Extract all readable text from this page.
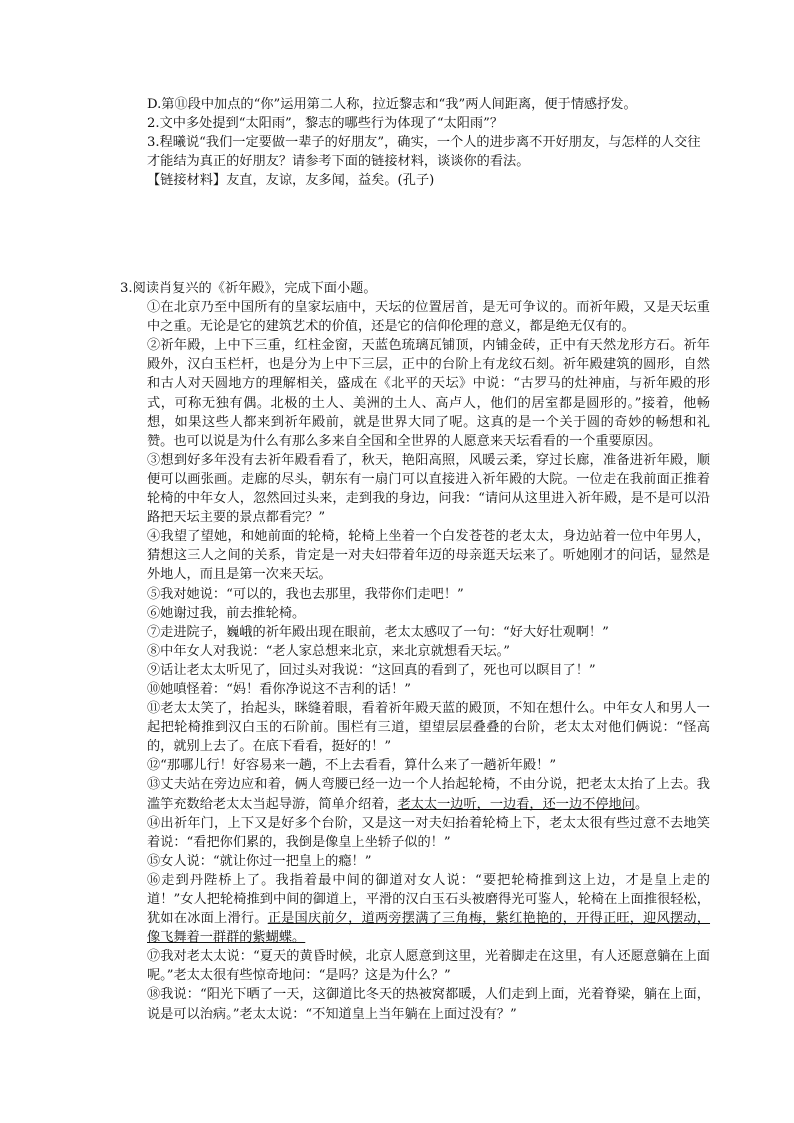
D.第⑪段中加点的“你”运用第二人称，拉近黎志和“我”两人间距离，便于情感抒发。

2.文中多处提到“太阳雨”，黎志的哪些行为体现了“太阳雨”？

3.程曦说“我们一定要做一辈子的好朋友”，确实，一个人的进步离不开好朋友，与怎样的人交往才能结为真正的好朋友？请参考下面的链接材料，谈谈你的看法。

【链接材料】友直，友谅，友多闻，益矣。(孔子)

3.阅读肖复兴的《祈年殿》，完成下面小题。

①在北京乃至中国所有的皇家坛庙中，天坛的位置居首，是无可争议的。而祈年殿，又是天坛重中之重。无论是它的建筑艺术的价值，还是它的信仰伦理的意义，都是绝无仅有的。

②祈年殿，上中下三重，红柱金窗，天蓝色琉璃瓦铺顶，内铺金砖，正中有天然龙形方石。祈年殿外，汉白玉栏杆，也是分为上中下三层，正中的台阶上有龙纹石刻。祈年殿建筑的圆形，自然和古人对天圆地方的理解相关，盛成在《北平的天坛》中说：“古罗马的灶神庙，与祈年殿的形式，可称无独有偶。北极的土人、美洲的土人、高卢人，他们的居室都是圆形的。”接着，他畅想，如果这些人都来到祈年殿前，就是世界大同了呢。这真的是一个关于圆的奇妙的畅想和礼赞。也可以说是为什么有那么多来自全国和全世界的人愿意来天坛看看的一个重要原因。

③想到好多年没有去祈年殿看看了，秋天，艳阳高照，风暖云柔，穿过长廊，准备进祈年殿，顺便可以画张画。走廊的尽头，朝东有一扇门可以直接进入祈年殿的大院。一位走在我前面正推着轮椅的中年女人，忽然回过头来，走到我的身边，问我：“请问从这里进入祈年殿，是不是可以沿路把天坛主要的景点都看完？”

④我望了望她，和她前面的轮椅，轮椅上坐着一个白发苍苍的老太太，身边站着一位中年男人，猜想这三人之间的关系，肯定是一对夫妇带着年迈的母亲逛天坛来了。听她刚才的问话，显然是外地人，而且是第一次来天坛。

⑤我对她说：“可以的，我也去那里，我带你们走吧！”

⑥她谢过我，前去推轮椅。

⑦走进院子，巍峨的祈年殿出现在眼前，老太太感叹了一句：“好大好壮观啊！”

⑧中年女人对我说：“老人家总想来北京，来北京就想看天坛。”

⑨话让老太太听见了，回过头对我说：“这回真的看到了，死也可以瞑目了！”

⑩她嗔怪着：“妈！看你净说这不吉利的话！”

⑪老太太笑了，抬起头，眯缝着眼，看着祈年殿天蓝的殿顶，不知在想什么。中年女人和男人一起把轮椅推到汉白玉的石阶前。围栏有三道，望望层层叠叠的台阶，老太太对他们俩说：“怪高的，就别上去了。在底下看看，挺好的！”

⑫“那哪儿行！好容易来一趟，不上去看看，算什么来了一趟祈年殿！”

⑬丈夫站在旁边应和着，俩人弯腰已经一边一个人抬起轮椅，不由分说，把老太太抬了上去。我滥竽充数给老太太当起导游，简单介绍着，老太太一边听，一边看，还一边不停地问。

⑭出祈年门，上下又是好多个台阶，又是这一对夫妇抬着轮椅上下，老太太很有些过意不去地笑着说：“看把你们累的，我倒是像皇上坐轿子似的！”

⑮女人说：“就让你过一把皇上的瘾！”

⑯走到丹陛桥上了。我指着最中间的御道对女人说：“要把轮椅推到这上边，才是皇上走的道！”女人把轮椅推到中间的御道上，平滑的汉白玉石头被磨得光可鉴人，轮椅在上面推很轻松，犹如在冰面上滑行。正是国庆前夕，道两旁摆满了三角梅，紫红艳艳的，开得正旺，迎风摆动，像飞舞着一群群的紫蝴蝶。

⑰我对老太太说：“夏天的黄昏时候，北京人愿意到这里，光着脚走在这里，有人还愿意躺在上面呢。”老太太很有些惊奇地问：“是吗？这是为什么？”

⑱我说：“阳光下晒了一天，这御道比冬天的热被窝都暖，人们走到上面，光着脊梁，躺在上面，说是可以治病。”老太太说：“不知道皇上当年躺在上面过没有？”
